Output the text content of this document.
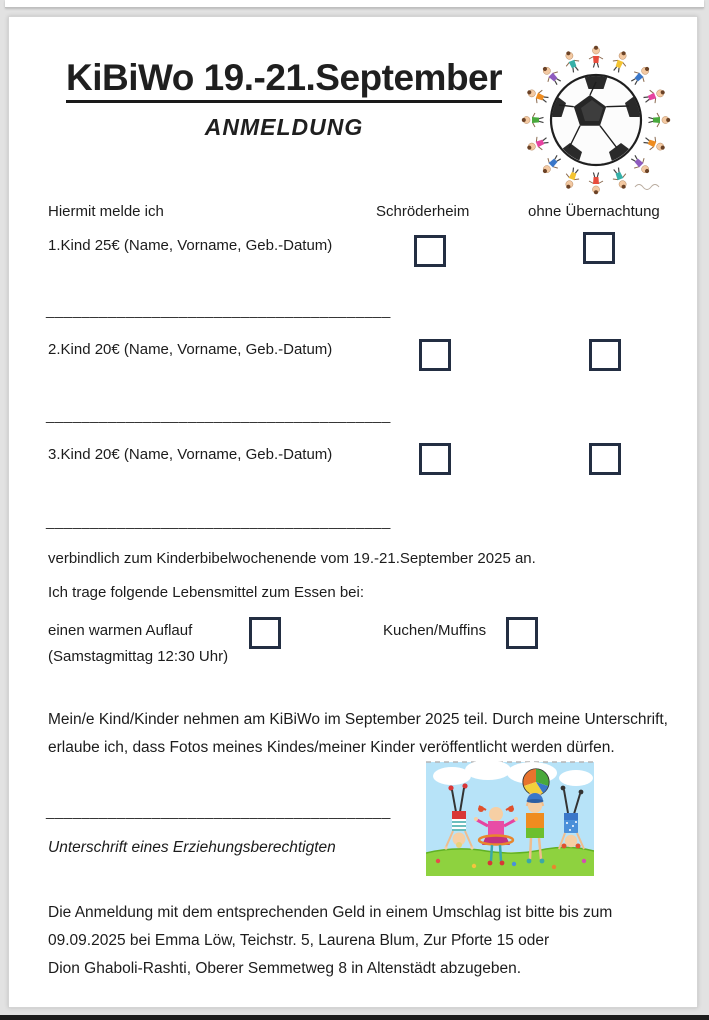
KiBiWo 19.-21.September
ANMELDUNG
Hiermit melde ich	Schröderheim	ohne Übernachtung
1.Kind 25€ (Name, Vorname, Geb.-Datum)
_______________________________________
2.Kind 20€ (Name, Vorname, Geb.-Datum)
_______________________________________
3.Kind 20€ (Name, Vorname, Geb.-Datum)
_______________________________________
verbindlich zum Kinderbibelwochenende vom 19.-21.September 2025 an.
Ich trage folgende Lebensmittel zum Essen bei:
einen warmen Auflauf
(Samstagmittag 12:30 Uhr)
Kuchen/Muffins
Mein/e Kind/Kinder nehmen am KiBiWo im September 2025 teil. Durch meine Unterschrift,
erlaube ich, dass Fotos meines Kindes/meiner Kinder veröffentlicht werden dürfen.
_______________________________________
Unterschrift eines Erziehungsberechtigten
Die Anmeldung mit dem entsprechenden Geld in einem Umschlag ist bitte bis zum
09.09.2025 bei Emma Löw, Teichstr. 5, Laurena Blum, Zur Pforte 15 oder
Dion Ghaboli-Rashti, Oberer Semmetweg 8 in Altenstädt abzugeben.
